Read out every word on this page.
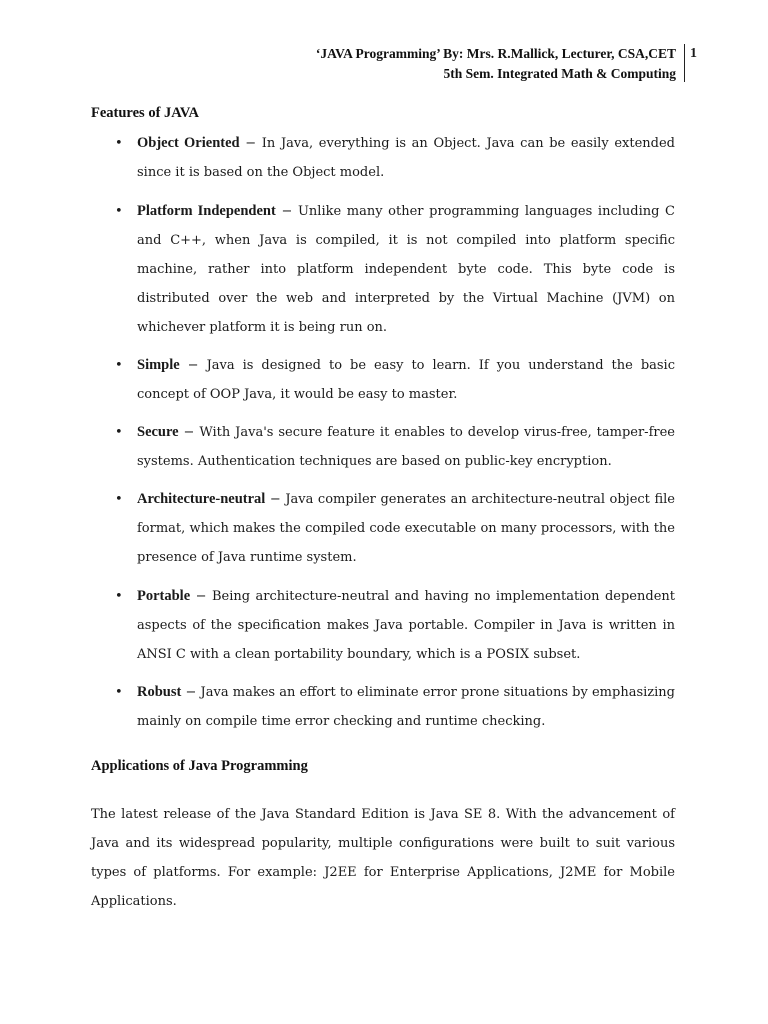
‘JAVA Programming’ By: Mrs. R.Mallick, Lecturer, CSA,CET
5th Sem. Integrated Math & Computing
1
Features of JAVA
• Object Oriented − In Java, everything is an Object. Java can be easily extended since it is based on the Object model.

• Platform Independent − Unlike many other programming languages including C and C++, when Java is compiled, it is not compiled into platform specific machine, rather into platform independent byte code. This byte code is distributed over the web and interpreted by the Virtual Machine (JVM) on whichever platform it is being run on.

• Simple − Java is designed to be easy to learn. If you understand the basic concept of OOP Java, it would be easy to master.

• Secure − With Java's secure feature it enables to develop virus-free, tamper-free systems. Authentication techniques are based on public-key encryption.

• Architecture-neutral − Java compiler generates an architecture-neutral object file format, which makes the compiled code executable on many processors, with the presence of Java runtime system.

• Portable − Being architecture-neutral and having no implementation dependent aspects of the specification makes Java portable. Compiler in Java is written in ANSI C with a clean portability boundary, which is a POSIX subset.

• Robust − Java makes an effort to eliminate error prone situations by emphasizing mainly on compile time error checking and runtime checking.

Applications of Java Programming

The latest release of the Java Standard Edition is Java SE 8. With the advancement of Java and its widespread popularity, multiple configurations were built to suit various types of platforms. For example: J2EE for Enterprise Applications, J2ME for Mobile Applications.
